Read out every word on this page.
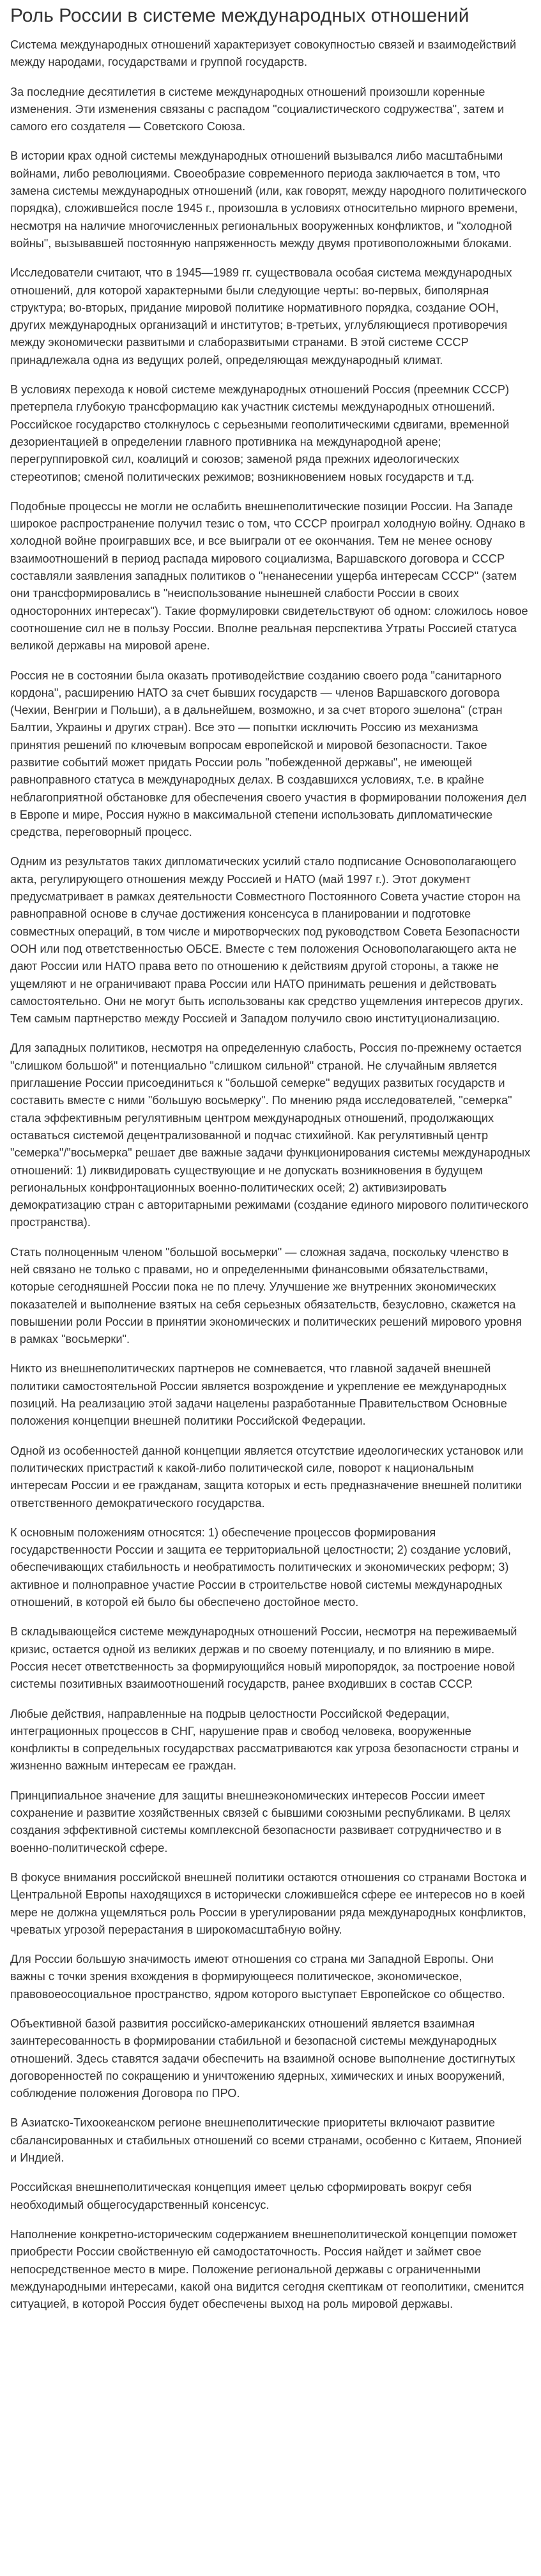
Роль России в системе международных отношений

Система международных отношений характеризует совокупностью связей и взаимодействий между народами, государствами и группой государств.

За последние десятилетия в системе международных отношений произошли коренные изменения. Эти изменения связаны с распадом "социалистического содружества", затем и самого его создателя — Советского Союза.

В истории крах одной системы международных отношений вызывался либо масштабными войнами, либо революциями. Своеобразие современного периода заключается в том, что замена системы международных отношений (или, как говорят, между народного политического порядка), сложившейся после 1945 г., произошла в условиях относительно мирного времени, несмотря на наличие многочисленных региональных вооруженных конфликтов, и "холодной войны", вызывавшей постоянную напряженность между двумя противоположными блоками.

Исследователи считают, что в 1945—1989 гг. существовала особая система международных отношений, для которой характерными были следующие черты: во-первых, биполярная структура; во-вторых, придание мировой политике нормативного порядка, создание ООН, других международных организаций и институтов; в-третьих, углубляющиеся противоречия между экономически развитыми и слаборазвитыми странами. В этой системе СССР принадлежала одна из ведущих ролей, определяющая международный климат.

В условиях перехода к новой системе международных отношений Россия (преемник СССР) претерпела глубокую трансформацию как участник системы международных отношений. Российское государство столкнулось с серьезными геополитическими сдвигами, временной дезориентацией в определении главного противника на международной арене; перегруппировкой сил, коалиций и союзов; заменой ряда прежних идеологических стереотипов; сменой политических режимов; возникновением новых государств и т.д.

Подобные процессы не могли не ослабить внешнеполитические позиции России. На Западе широкое распространение получил тезис о том, что СССР проиграл холодную войну. Однако в холодной войне проигравших все, и все выиграли от ее окончания. Тем не менее основу взаимоотношений в период распада мирового социализма, Варшавского договора и СССР составляли заявления западных политиков о "ненанесении ущерба интересам СССР" (затем они трансформировались в "неиспользование нынешней слабости России в своих односторонних интересах"). Такие формулировки свидетельствуют об одном: сложилось новое соотношение сил не в пользу России. Вполне реальная перспектива Утраты Россией статуса великой державы на мировой арене.

Россия не в состоянии была оказать противодействие созданию своего рода "санитарного кордона", расширению НАТО за счет бывших государств — членов Варшавского договора (Чехии, Венгрии и Польши), а в дальнейшем, возможно, и за счет второго эшелона" (стран Балтии, Украины и других стран). Все это — попытки исключить Россию из механизма принятия решений по ключевым вопросам европейской и мировой безопасности. Такое развитие событий может придать России роль "побежденной державы", не имеющей равноправного статуса в международных делах. В создавшихся условиях, т.е. в крайне неблагоприятной обстановке для обеспечения своего участия в формировании положения дел в Европе и мире, Россия нужно в максимальной степени использовать дипломатические средства, переговорный процесс.

Одним из результатов таких дипломатических усилий стало подписание Основополагающего акта, регулирующего отношения между Россией и НАТО (май 1997 г.). Этот документ предусматривает в рамках деятельности Совместного Постоянного Совета участие сторон на равноправной основе в случае достижения консенсуса в планировании и подготовке совместных операций, в том числе и миротворческих под руководством Совета Безопасности ООН или под ответственностью ОБСЕ. Вместе с тем положения Основополагающего акта не дают России или НАТО права вето по отношению к действиям другой стороны, а также не ущемляют и не ограничивают права России или НАТО принимать решения и действовать самостоятельно. Они не могут быть использованы как средство ущемления интересов других. Тем самым партнерство между Россией и Западом получило свою институционализацию.

Для западных политиков, несмотря на определенную слабость, Россия по-прежнему остается "слишком большой" и потенциально "слишком сильной" страной. Не случайным является приглашение России присоединиться к "большой семерке" ведущих развитых государств и составить вместе с ними "большую восьмерку". По мнению ряда исследователей, "семерка" стала эффективным регулятивным центром международных отношений, продолжающих оставаться системой децентрализованной и подчас стихийной. Как регулятивный центр "семерка"/"восьмерка" решает две важные задачи функционирования системы международных отношений: 1) ликвидировать существующие и не допускать возникновения в будущем региональных конфронтационных военно-политических осей; 2) активизировать демократизацию стран с авторитарными режимами (создание единого мирового политического пространства).

Стать полноценным членом "большой восьмерки" — сложная задача, поскольку членство в ней связано не только с правами, но и определенными финансовыми обязательствами, которые сегодняшней России пока не по плечу. Улучшение же внутренних экономических показателей и выполнение взятых на себя серьезных обязательств, безусловно, скажется на повышении роли России в принятии экономических и политических решений мирового уровня в рамках "восьмерки".

Никто из внешнеполитических партнеров не сомневается, что главной задачей внешней политики самостоятельной России является возрождение и укрепление ее международных позиций. На реализацию этой задачи нацелены разработанные Правительством Основные положения концепции внешней политики Российской Федерации.

Одной из особенностей данной концепции является отсутствие идеологических установок или политических пристрастий к какой-либо политической силе, поворот к национальным интересам России и ее гражданам, защита которых и есть предназначение внешней политики ответственного демократического государства.

К основным положениям относятся: 1) обеспечение процессов формирования государственности России и защита ее территориальной целостности; 2) создание условий, обеспечивающих стабильность и необратимость политических и экономических реформ; 3) активное и полноправное участие России в строительстве новой системы международных отношений, в которой ей было бы обеспечено достойное место.

В складывающейся системе международных отношений России, несмотря на переживаемый кризис, остается одной из великих держав и по своему потенциалу, и по влиянию в мире. Россия несет ответственность за формирующийся новый миропорядок, за построение новой системы позитивных взаимоотношений государств, ранее входивших в состав СССР.

Любые действия, направленные на подрыв целостности Российской Федерации, интеграционных процессов в СНГ, нарушение прав и свобод человека, вооруженные конфликты в сопредельных государствах рассматриваются как угроза безопасности страны и жизненно важным интересам ее граждан.

Принципиальное значение для защиты внешнеэкономических интересов России имеет сохранение и развитие хозяйственных связей с бывшими союзными республиками. В целях создания эффективной системы комплексной безопасности развивает сотрудничество и в военно-политической сфере.

В фокусе внимания российской внешней политики остаются отношения со странами Востока и Центральной Европы находящихся в исторически сложившейся сфере ее интересов но в коей мере не должна ущемляться роль России в урегулировании ряда международных конфликтов, чреватых угрозой перерастания в широкомасштабную войну.

Для России большую значимость имеют отношения со страна ми Западной Европы. Они важны с точки зрения вхождения в формирующееся политическое, экономическое, правовоеосоциальное пространство, ядром которого выступает Европейское со общество.

Объективной базой развития российско-американских отношений является взаимная заинтересованность в формировании стабильной и безопасной системы международных отношений. Здесь ставятся задачи обеспечить на взаимной основе выполнение достигнутых договоренностей по сокращению и уничтожению ядерных, химических и иных вооружений, соблюдение положения Договора по ПРО.

В Азиатско-Тихоокеанском регионе внешнеполитические приоритеты включают развитие сбалансированных и стабильных отношений со всеми странами, особенно с Китаем, Японией и Индией.

Российская внешнеполитическая концепция имеет целью сформировать вокруг себя необходимый общегосударственный консенсус.

Наполнение конкретно-историческим содержанием внешнеполитической концепции поможет приобрести России свойственную ей самодостаточность. Россия найдет и займет свое непосредственное место в мире. Положение региональной державы с ограниченными международными интересами, какой она видится сегодня скептикам от геополитики, сменится ситуацией, в которой Россия будет обеспечены выход на роль мировой державы.
